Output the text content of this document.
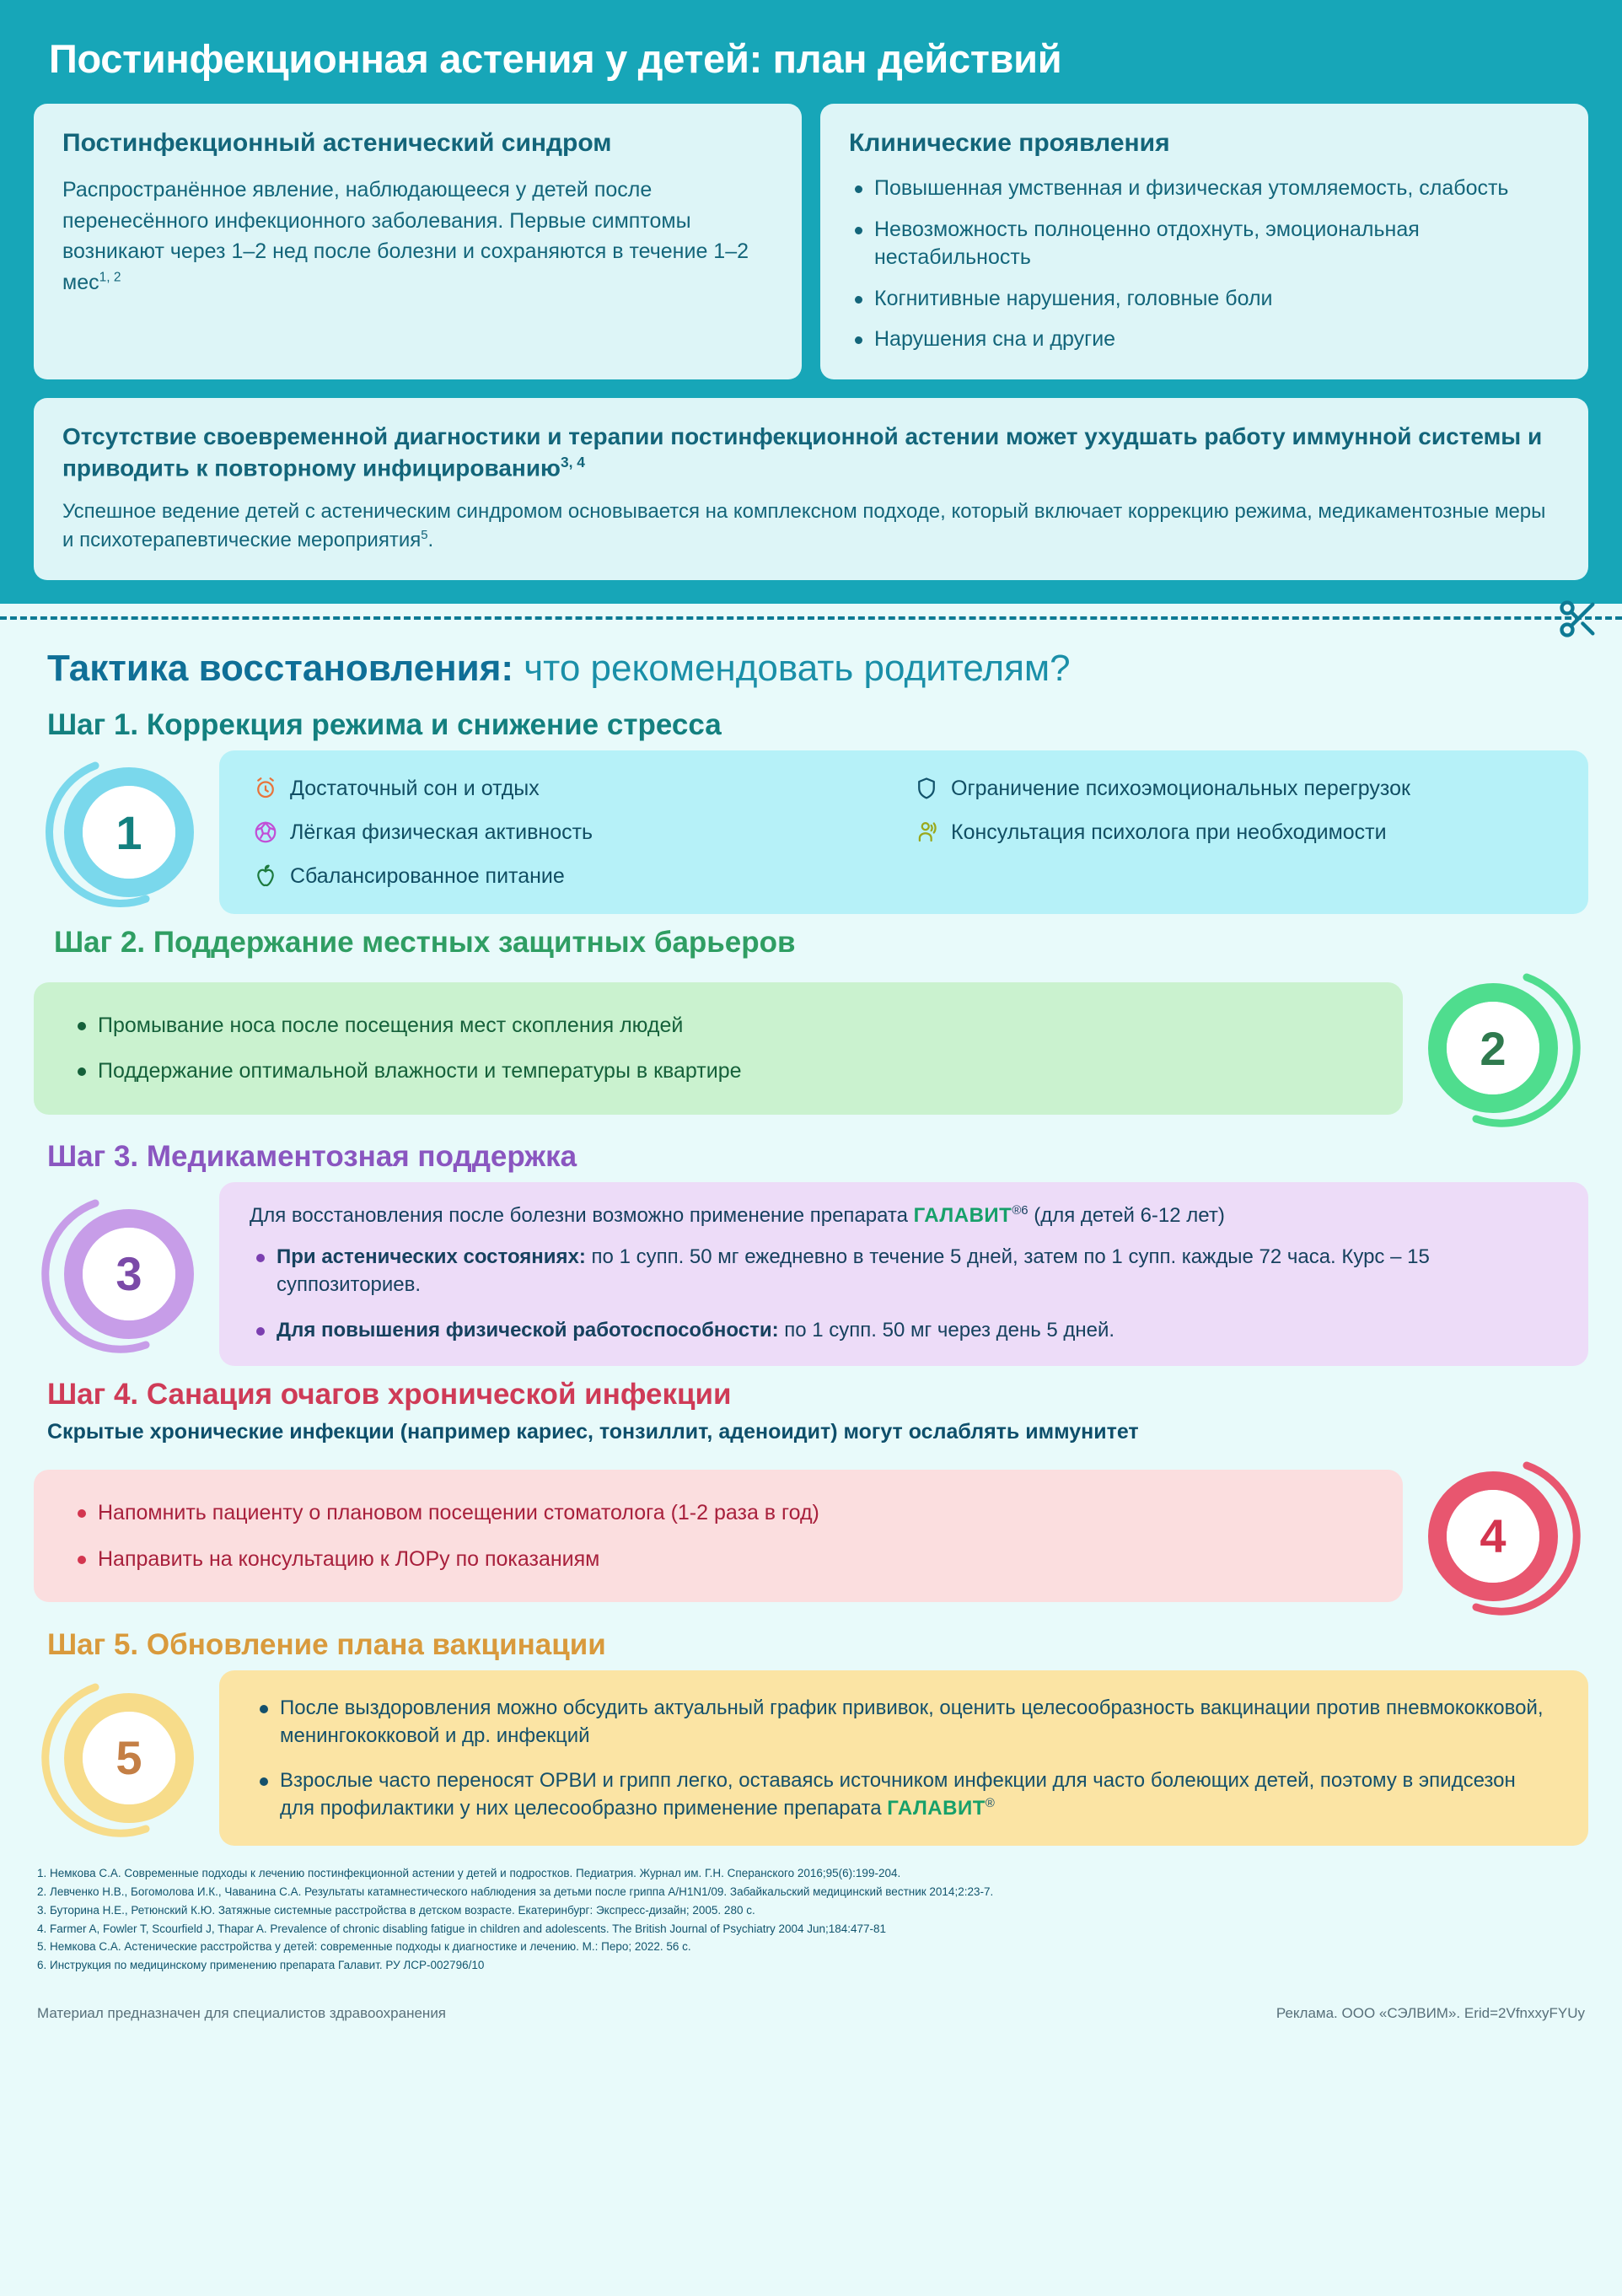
Постинфекционная астения у детей: план действий
Постинфекционный астенический синдром
Распространённое явление, наблюдающееся у детей после перенесённого инфекционного заболевания. Первые симптомы возникают через 1–2 нед после болезни и сохраняются в течение 1–2 мес$^{1, 2}$
Клинические проявления
Повышенная умственная и физическая утомляемость, слабость
Невозможность полноценно отдохнуть, эмоциональная нестабильность
Когнитивные нарушения, головные боли
Нарушения сна и другие
Отсутствие своевременной диагностики и терапии постинфекционной астении может ухудшать работу иммунной системы и приводить к повторному инфицированию$^{3, 4}$
Успешное ведение детей с астеническим синдромом основывается на комплексном подходе, который включает коррекцию режима, медикаментозные меры и психотерапевтические мероприятия$^5$.
Тактика восстановления: что рекомендовать родителям?
Шаг 1. Коррекция режима и снижение стресса
1
Достаточный сон и отдых	Ограничение психоэмоциональных перегрузок
Лёгкая физическая активность	Консультация психолога при необходимости
Сбалансированное питание
Шаг 2. Поддержание местных защитных барьеров
2
Промывание носа после посещения мест скопления людей
Поддержание оптимальной влажности и температуры в квартире
Шаг 3. Медикаментозная поддержка
3
Для восстановления после болезни возможно применение препарата $ГАЛАВИТ^{®6}$ (для детей 6-12 лет)
При астенических состояниях: по 1 супп. 50 мг ежедневно в течение 5 дней, затем по 1 супп. каждые 72 часа. Курс – 15 суппозиториев.
Для повышения физической работоспособности: по 1 супп. 50 мг через день 5 дней.
Шаг 4. Санация очагов хронической инфекции
Скрытые хронические инфекции (например кариес, тонзиллит, аденоидит) могут ослаблять иммунитет
4
Напомнить пациенту о плановом посещении стоматолога (1-2 раза в год)
Направить на консультацию к ЛОРу по показаниям
Шаг 5. Обновление плана вакцинации
5
После выздоровления можно обсудить актуальный график прививок, оценить целесообразность вакцинации против пневмококковой, менингококковой и др. инфекций
Взрослые часто переносят ОРВИ и грипп легко, оставаясь источником инфекции для часто болеющих детей, поэтому в эпидсезон для профилактики у них целесообразно применение препарата ГАЛАВИТ®
1. Немкова С.А. Современные подходы к лечению постинфекционной астении у детей и подростков. Педиатрия. Журнал им. Г.Н. Сперанского 2016;95(6):199-204.
2. Левченко Н.В., Богомолова И.К., Чаванина С.А. Результаты катамнестического наблюдения за детьми после гриппа A/H1N1/09. Забайкальский медицинский вестник 2014;2:23-7.
3. Буторина Н.Е., Ретюнский К.Ю. Затяжные системные расстройства в детском возрасте. Екатеринбург: Экспресс-дизайн; 2005. 280 с.
4. Farmer A, Fowler T, Scourfield J, Thapar A. Prevalence of chronic disabling fatigue in children and adolescents. The British Journal of Psychiatry 2004 Jun;184:477-81
5. Немкова С.А. Астенические расстройства у детей: современные подходы к диагностике и лечению. М.: Перо; 2022. 56 с.
6. Инструкция по медицинскому применению препарата Галавит. РУ ЛСР-002796/10
Материал предназначен для специалистов здравоохранения	Реклама. ООО «СЭЛВИМ». Erid=2VfnxxyFYUy
